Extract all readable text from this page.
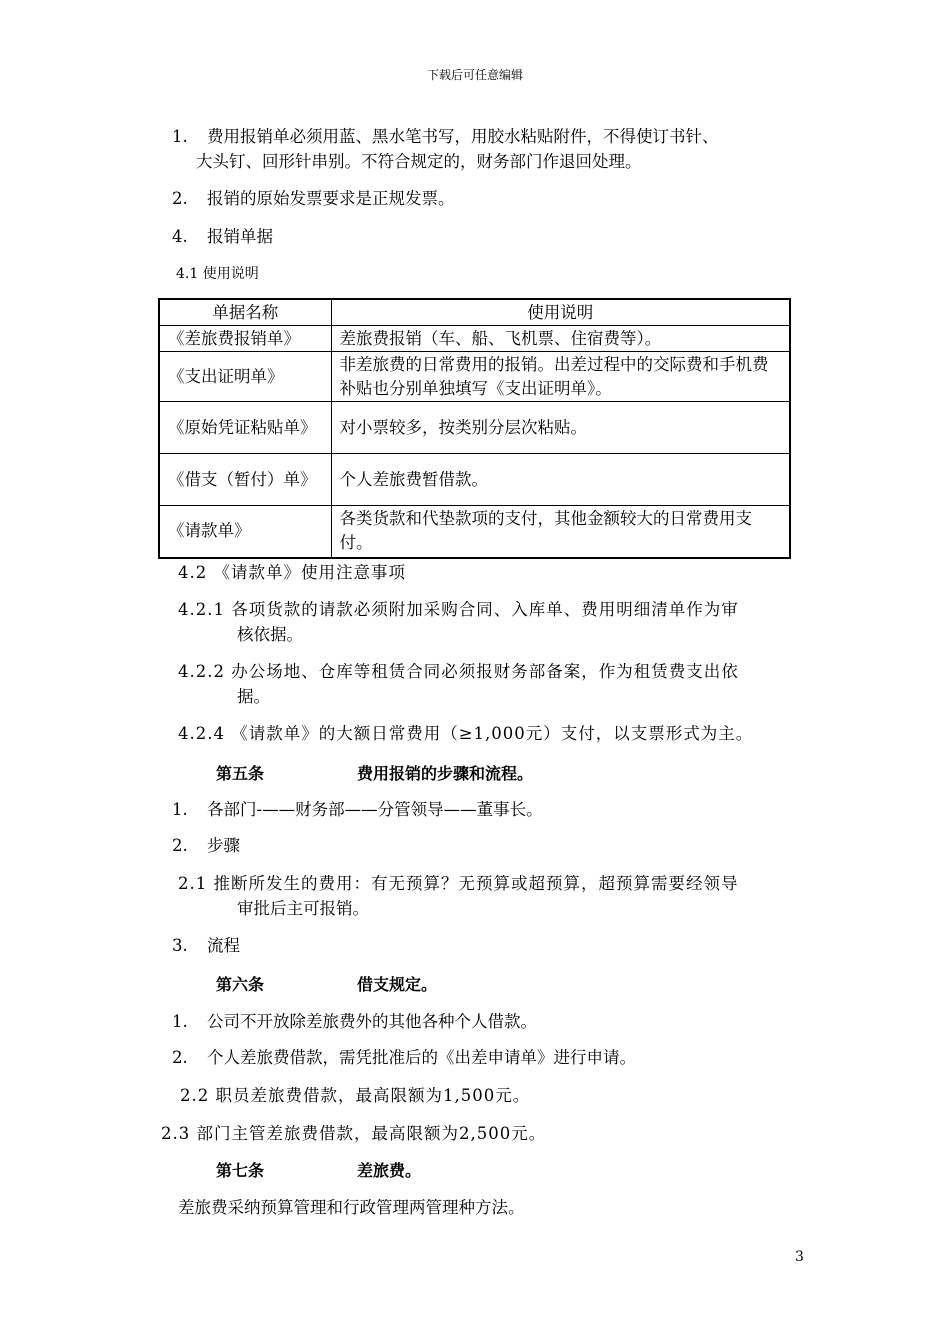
下载后可任意编辑
1. 费用报销单必须用蓝、黑水笔书写，用胶水粘贴附件，不得使订书针、
大头钉、回形针串别。不符合规定的，财务部门作退回处理。
2. 报销的原始发票要求是正规发票。
4. 报销单据
4.1 使用说明
单据名称	使用说明
《差旅费报销单》	差旅费报销（车、船、飞机票、住宿费等）。
《支出证明单》	非差旅费的日常费用的报销。出差过程中的交际费和手机费补贴也分别单独填写《支出证明单》。
《原始凭证粘贴单》	对小票较多，按类别分层次粘贴。
《借支（暂付）单》	个人差旅费暂借款。
《请款单》	各类货款和代垫款项的支付，其他金额较大的日常费用支付。
4.2 《请款单》使用注意事项
4.2.1 各项货款的请款必须附加采购合同、入库单、费用明细清单作为审
核依据。
4.2.2 办公场地、仓库等租赁合同必须报财务部备案，作为租赁费支出依
据。
4.2.4 《请款单》的大额日常费用（≥1,000元）支付，以支票形式为主。
第五条	费用报销的步骤和流程。
1. 各部门-——财务部——分管领导——董事长。
2. 步骤
2.1 推断所发生的费用：有无预算？无预算或超预算，超预算需要经领导
审批后主可报销。
3. 流程
第六条	借支规定。
1. 公司不开放除差旅费外的其他各种个人借款。
2. 个人差旅费借款，需凭批准后的《出差申请单》进行申请。
2.2 职员差旅费借款，最高限额为1,500元。
2.3 部门主管差旅费借款，最高限额为2,500元。
第七条	差旅费。
差旅费采纳预算管理和行政管理两管理种方法。
3
